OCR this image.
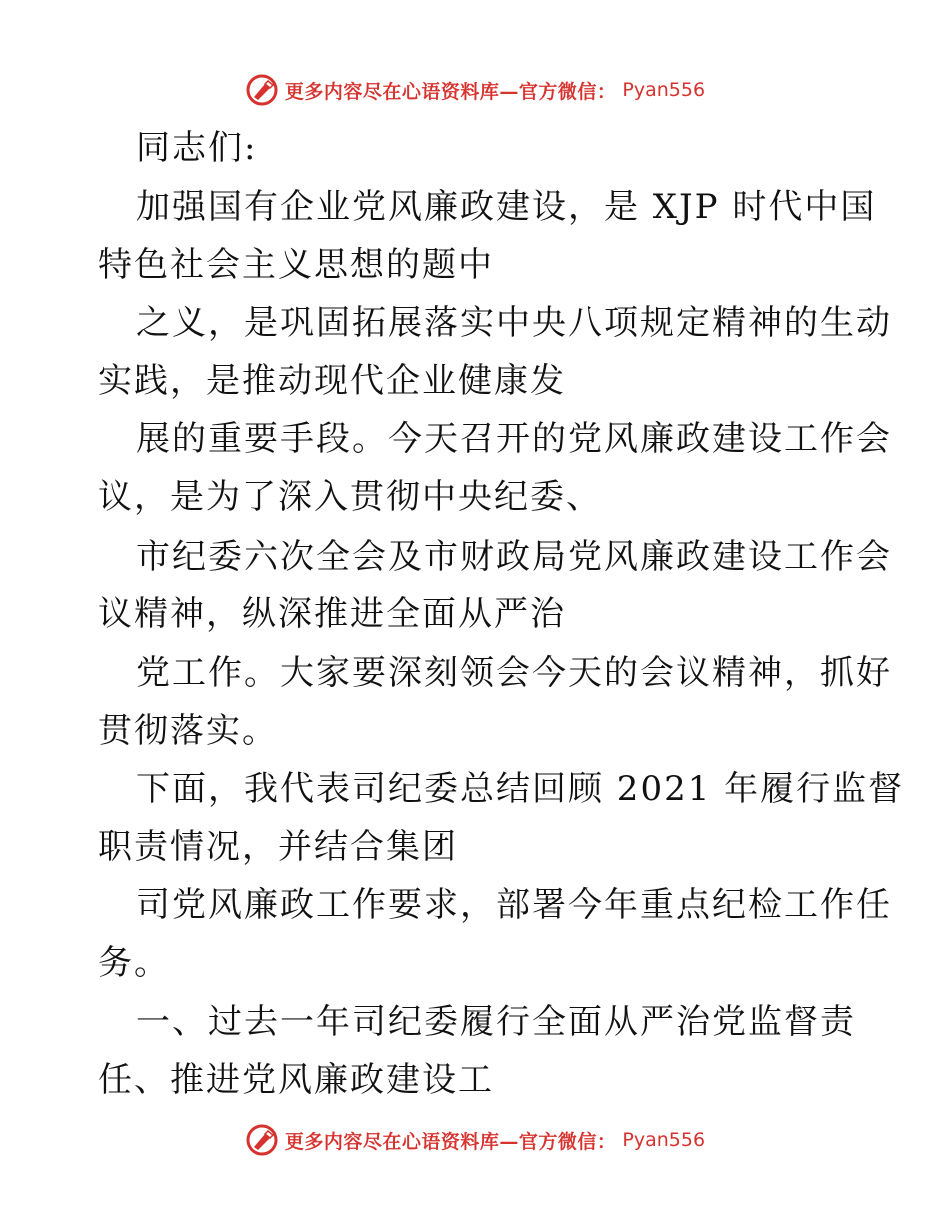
更多内容尽在心语资料库—官方微信： Pyan556
同志们:
加强国有企业党风廉政建设，是 XJP 时代中国
特色社会主义思想的题中
之义，是巩固拓展落实中央八项规定精神的生动
实践，是推动现代企业健康发
展的重要手段。今天召开的党风廉政建设工作会
议，是为了深入贯彻中央纪委、
市纪委六次全会及市财政局党风廉政建设工作会
议精神，纵深推进全面从严治
党工作。大家要深刻领会今天的会议精神，抓好
贯彻落实。
下面，我代表司纪委总结回顾 2021 年履行监督
职责情况，并结合集团
司党风廉政工作要求，部署今年重点纪检工作任
务。
一、过去一年司纪委履行全面从严治党监督责
任、推进党风廉政建设工
更多内容尽在心语资料库—官方微信： Pyan556
